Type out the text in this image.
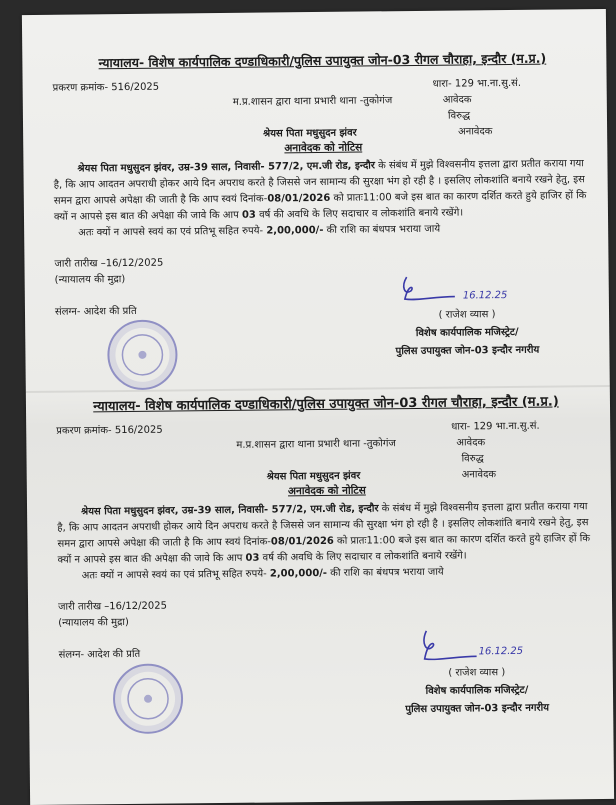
न्यायालय- विशेष कार्यपालिक दण्डाधिकारी/पुलिस उपायुक्त जोन-03 रीगल चौराहा, इन्दौर (म.प्र.)
प्रकरण क्रमांक- 516/2025	धारा- 129 भा.ना.सु.सं.
म.प्र.शासन द्वारा थाना प्रभारी थाना -तुकोगंज	आवेदक
विरुद्ध
श्रेयस पिता मधुसुदन झंवर	अनावेदक
अनावेदक को नोटिस

श्रेयस पिता मधुसुदन झंवर, उम्र-39 साल, निवासी- 577/2, एम.जी रोड, इन्दौर के संबंध में मुझे विश्वसनीय इत्तला द्वारा प्रतीत कराया गया है, कि आप आदतन अपराधी होकर आये दिन अपराध करते है जिससे जन सामान्य की सुरक्षा भंग हो रही है । इसलिए लोकशांति बनाये रखने हेतु, इस समन द्वारा आपसे अपेक्षा की जाती है कि आप स्वयं दिनांक-08/01/2026 को प्रातः11:00 बजे इस बात का कारण दर्शित करते हुये हाजिर हों कि क्यों न आपसे इस बात की अपेक्षा की जावे कि आप 03 वर्ष की अवधि के लिए सदाचार व लोकशांति बनाये रखेंगे।

अतः क्यों न आपसे स्वयं का एवं प्रतिभू सहित रुपये- 2,00,000/- की राशि का बंधपत्र भराया जाये

जारी तारीख –16/12/2025
(न्यायालय की मुद्रा)
संलग्न- आदेश की प्रति
16.12.25
( राजेश व्यास )
विशेष कार्यपालिक मजिस्ट्रेट/
पुलिस उपायुक्त जोन-03 इन्दौर नगरीय
न्यायालय- विशेष कार्यपालिक दण्डाधिकारी/पुलिस उपायुक्त जोन-03 रीगल चौराहा, इन्दौर (म.प्र.)
प्रकरण क्रमांक- 516/2025	धारा- 129 भा.ना.सु.सं.
म.प्र.शासन द्वारा थाना प्रभारी थाना -तुकोगंज	आवेदक
विरुद्ध
श्रेयस पिता मधुसुदन झंवर	अनावेदक
अनावेदक को नोटिस

श्रेयस पिता मधुसुदन झंवर, उम्र-39 साल, निवासी- 577/2, एम.जी रोड, इन्दौर के संबंध में मुझे विश्वसनीय इत्तला द्वारा प्रतीत कराया गया है, कि आप आदतन अपराधी होकर आये दिन अपराध करते है जिससे जन सामान्य की सुरक्षा भंग हो रही है । इसलिए लोकशांति बनाये रखने हेतु, इस समन द्वारा आपसे अपेक्षा की जाती है कि आप स्वयं दिनांक-08/01/2026 को प्रातः11:00 बजे इस बात का कारण दर्शित करते हुये हाजिर हों कि क्यों न आपसे इस बात की अपेक्षा की जावे कि आप 03 वर्ष की अवधि के लिए सदाचार व लोकशांति बनाये रखेंगे।

अतः क्यों न आपसे स्वयं का एवं प्रतिभू सहित रुपये- 2,00,000/- की राशि का बंधपत्र भराया जाये

जारी तारीख –16/12/2025
(न्यायालय की मुद्रा)
संलग्न- आदेश की प्रति	16.12.25
( राजेश व्यास )
विशेष कार्यपालिक मजिस्ट्रेट/
पुलिस उपायुक्त जोन-03 इन्दौर नगरीय
